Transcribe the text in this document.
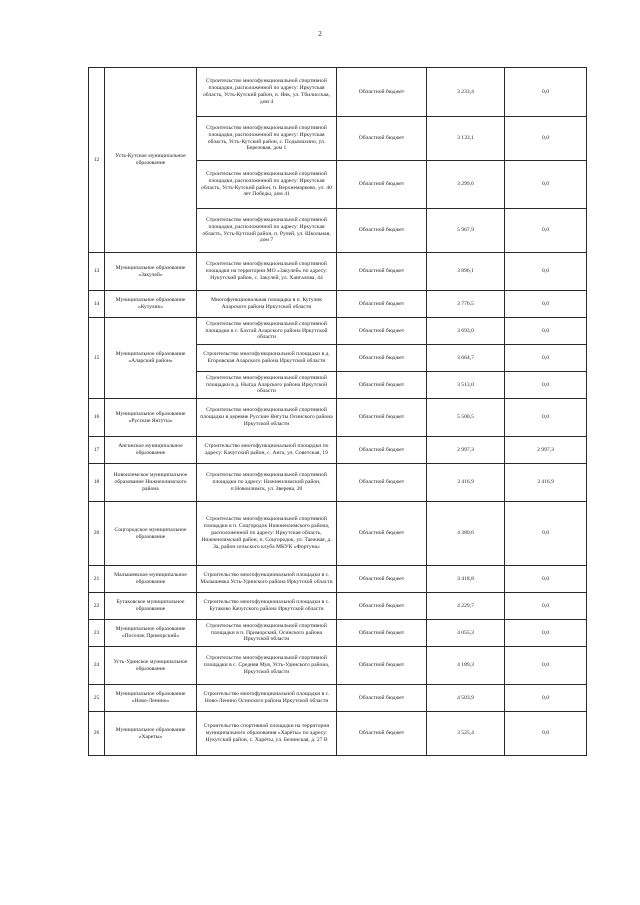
2
12	Усть-Кутское муниципальное образование	Строительство многофункциональной спортивной площадки, расположенной по адресу: Иркутская область, Усть-Кутский район, п. Янк, ул. Тбилисская, дом 4	Областной бюджет	3 233,4	0,0
		Строительство многофункциональной спортивной площадки, расположенной по адресу: Иркутская область, Усть-Кутский район, с. Подымахино, ул. Березовая, дом 1	Областной бюджет	3 133,1	0,0
		Строительство многофункциональной спортивной площадки, расположенной по адресу: Иркутская область, Усть-Кутский район, п. Верхнемарково, ул. 40 лет Победы, дом 41	Областной бюджет	3 299,6	0,0
		Строительство многофункциональной спортивной площадки, расположенной по адресу: Иркутская область, Усть-Кутский район, п. Ручей, ул. Школьная, дом 7	Областной бюджет	5 967,9	0,0
13	Муниципальное образование «Закулей»	Строительство многофункциональной спортивной площадки на территории МО «Закулей» по адресу: Нукутский район, с. Закулей, ул. Хангалова, 44	Областной бюджет	3 896,1	0,0
14	Муниципальное образование «Кутулик»	Многофункциональная площадка в п. Кутулик Аларского района Иркутской области	Областной бюджет	3 776,5	0,0
15	Муниципальное образование «Аларский район»	Строительство многофункциональной спортивной площадки в с. Бахтай Аларского района Иркутской области	Областной бюджет	3 693,0	0,0
		Строительство многофункциональной площадки в д. Егоровская Аларского района Иркутской области	Областной бюджет	3 664,7	0,0
		Строительство многофункциональной спортивной площадки в д. Ныгда Аларского района Иркутской области	Областной бюджет	3 513,0	0,0
16	Муниципальное образование «Русские Янгуты»	Строительство многофункциональной спортивной площадки в деревне Русские Янгуты Осинского района Иркутской области	Областной бюджет	5 500,5	0,0
17	Ангинское муниципальное образование	Строительство многофункциональной площадки по адресу: Качугский район, с. Анга, ул. Советская, 19	Областной бюджет	2 997,3	2 997,3
18	Новоилимское муниципальное образование Нижнеилимского района	Строительство многофункциональной спортивной площадки по адресу: Нижнеилимский район, п.Новоилимск, ул. Зверева, 20	Областной бюджет	3 416,9	3 416,9
20	Соцгородское муниципальное образование	Строительство многофункциональной спортивной площадки в п. Соцгородок Нижнеилимского района, расположенной по адресу: Иркутская область, Нижнеилимский район, п. Соцгородок, ул. Таежная, д. 3а, район сельского клуба МКУК «Фортуна»	Областной бюджет	4 380,6	0,0
21	Малышевское муниципальное образование	Строительство многофункциональной площадки в с. Малышевка Усть-Удинского района Иркутской области	Областной бюджет	3 418,8	0,0
22	Бутаковское муниципальное образование	Строительство многофункциональной площадки в с. Бутаково Качугского района Иркутской области	Областной бюджет	4 229,7	0,0
23	Муниципальное образование «Поселок Приморский»	Строительство многофункциональной спортивной площадки в п. Приморский, Осинского района Иркутской области	Областной бюджет	4 055,3	0,0
24	Усть-Удинское муниципальное образование	Строительство многофункциональной спортивной площадки в с. Средняя Муя, Усть-Удинского района, Иркутской области	Областной бюджет	4 189,3	0,0
25	Муниципальное образование «Ново-Ленино»	Строительство многофункциональной площадки в с. Ново-Ленино Осинского района Иркутской области	Областной бюджет	4 503,9	0,0
26	Муниципальное образование «Хареты»	Строительство спортивной площадки на территории муниципального образования «Харёты» по адресу: Нукутский район, с. Харёты, ул. Белинская, д. 27 В	Областной бюджет	3 525,4	0,0
